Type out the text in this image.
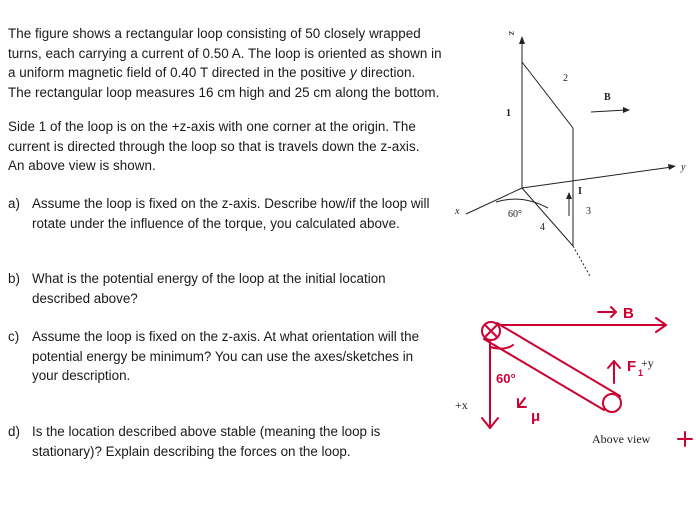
The figure shows a rectangular loop consisting of 50 closely wrapped
turns, each carrying a current of 0.50 A. The loop is oriented as shown in
a uniform magnetic field of 0.40 T directed in the positive y direction.
The rectangular loop measures 16 cm high and 25 cm along the bottom.
Side 1 of the loop is on the +z-axis with one corner at the origin. The
current is directed through the loop so that is travels down the z-axis.
An above view is shown.
a) Assume the loop is fixed on the z-axis. Describe how/if the loop will
rotate under the influence of the torque, you calculated above.
b) What is the potential energy of the loop at the initial location
described above?
c) Assume the loop is fixed on the z-axis. At what orientation will the
potential energy be minimum? You can use the axes/sketches in
your description.
d) Is the location described above stable (meaning the loop is
stationary)? Explain describing the forces on the loop.
z
x
y
B
I
1
2
3
4
60°
B
F 1
μ
60°
+y
+x
Above view
